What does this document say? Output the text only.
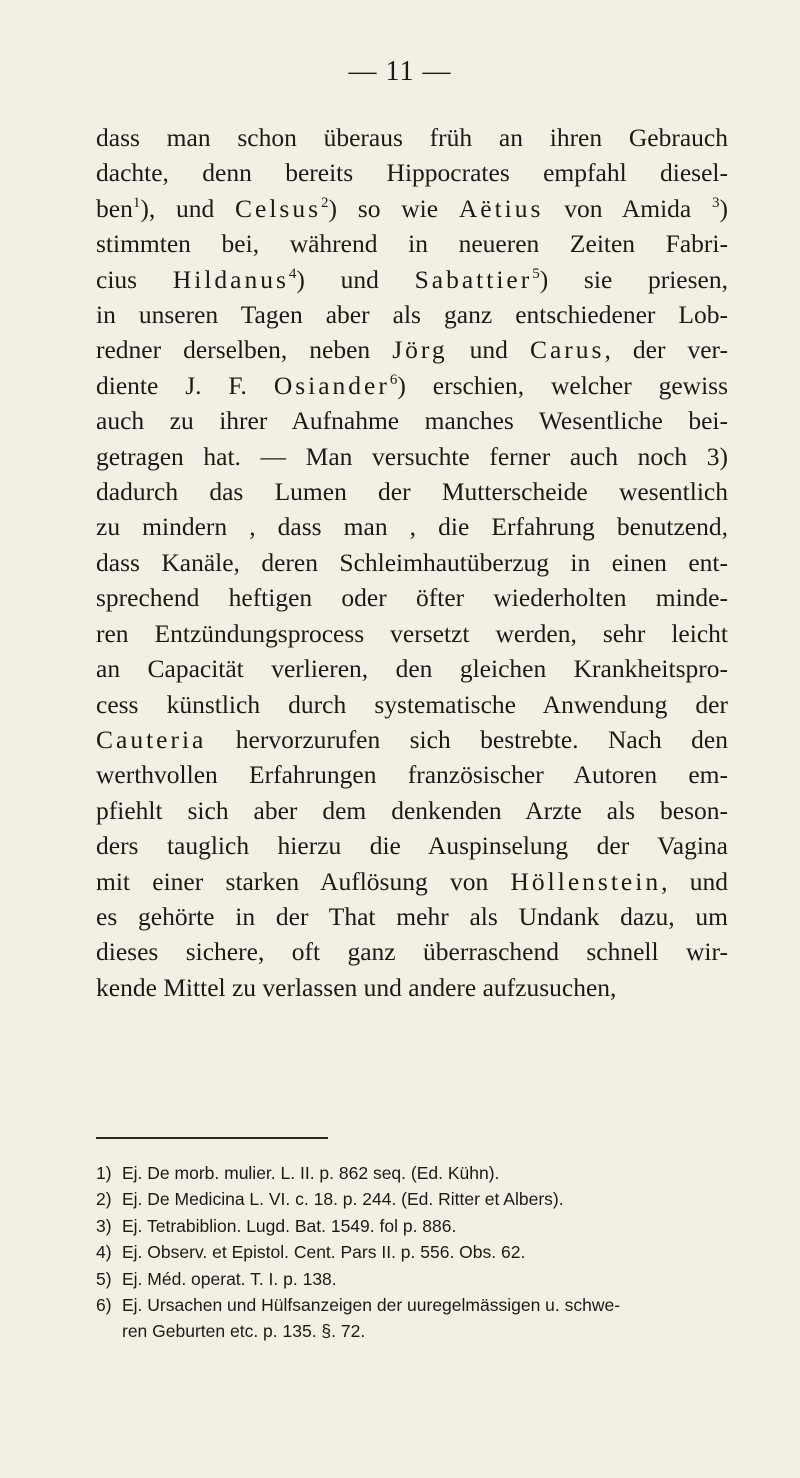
— 11 —
dass man schon überaus früh an ihren Gebrauch
dachte, denn bereits Hippocrates empfahl diesel-
ben$^1$), und Celsus$^2$) so wie Aëtius von Amida $^3$)
stimmten bei, während in neueren Zeiten Fabri-
cius Hildanus$^4$) und Sabattier$^5$) sie priesen,
in unseren Tagen aber als ganz entschiedener Lob-
redner derselben, neben Jörg und Carus, der ver-
diente J. F. Osiander$^6$) erschien, welcher gewiss
auch zu ihrer Aufnahme manches Wesentliche bei-
getragen hat. — Man versuchte ferner auch noch 3)
dadurch das Lumen der Mutterscheide wesentlich
zu mindern , dass man , die Erfahrung benutzend,
dass Kanäle, deren Schleimhautüberzug in einen ent-
sprechend heftigen oder öfter wiederholten minde-
ren Entzündungsprocess versetzt werden, sehr leicht
an Capacität verlieren, den gleichen Krankheitspro-
cess künstlich durch systematische Anwendung der
Cauteria hervorzurufen sich bestrebte. Nach den
werthvollen Erfahrungen französischer Autoren em-
pfiehlt sich aber dem denkenden Arzte als beson-
ders tauglich hierzu die Auspinselung der Vagina
mit einer starken Auflösung von Höllenstein, und
es gehörte in der That mehr als Undank dazu, um
dieses sichere, oft ganz überraschend schnell wir-
kende Mittel zu verlassen und andere aufzusuchen,
1) Ej. De morb. mulier. L. II. p. 862 seq. (Ed. Kühn).
2) Ej. De Medicina L. VI. c. 18. p. 244. (Ed. Ritter et Albers).
3) Ej. Tetrabiblion. Lugd. Bat. 1549. fol p. 886.
4) Ej. Observ. et Epistol. Cent. Pars II. p. 556. Obs. 62.
5) Ej. Méd. operat. T. I. p. 138.
6) Ej. Ursachen und Hülfsanzeigen der uuregelmässigen u. schwe-
ren Geburten etc. p. 135. §. 72.
